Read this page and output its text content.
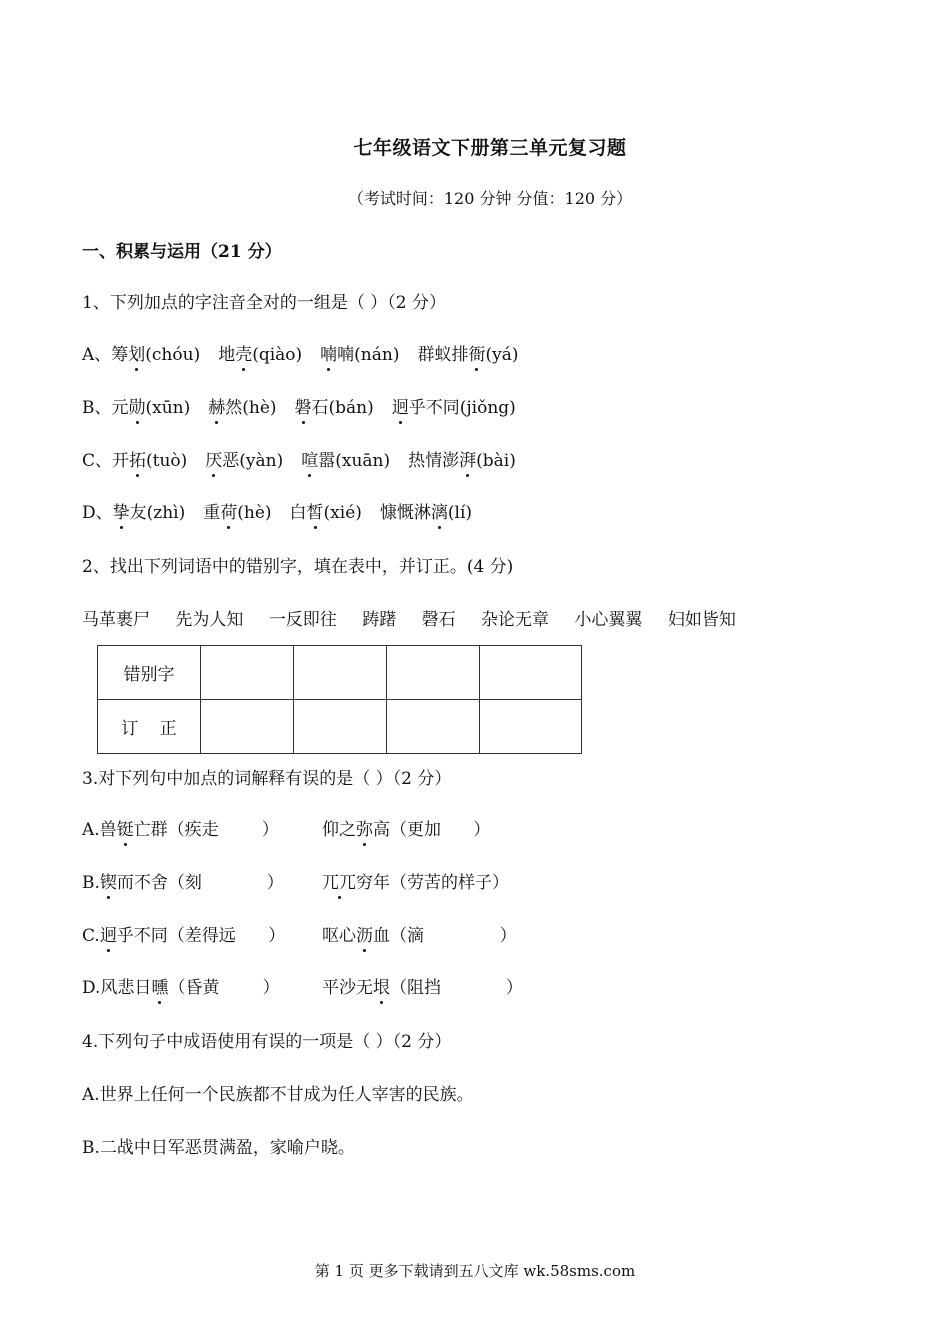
七年级语文下册第三单元复习题
（考试时间：120 分钟 分值：120 分）
一、积累与运用（21 分）
1、下列加点的字注音全对的一组是（ ）（2 分）
A、筹划(chóu) 地壳(qiào) 喃喃(nán) 群蚁排衙(yá)
B、元勋(xūn) 赫然(hè) 磐石(bán) 迥乎不同(jiǒng)
C、开拓(tuò) 厌恶(yàn) 喧嚣(xuān) 热情澎湃(bài)
D、挚友(zhì) 重荷(hè) 白皙(xié) 慷慨淋漓(lí)
2、找出下列词语中的错别字，填在表中，并订正。(4 分)
马革裹尸 先为人知 一反即往 踌躇 磬石 杂论无章 小心翼翼 妇如皆知
错别字				
订    正				
3.对下列句中加点的词解释有误的是（ ）（2 分）
A.兽铤亡群（疾走        ）	仰之弥高（更加      ）
B.锲而不舍（刻            ） 兀兀穷年（劳苦的样子）
C.迥乎不同（差得远      ） 呕心沥血（滴              ）
D.风悲日曛（昏黄        ） 平沙无垠（阻挡            ）
4.下列句子中成语使用有误的一项是（ ）（2 分）
A.世界上任何一个民族都不甘成为任人宰害的民族。
B.二战中日军恶贯满盈，家喻户晓。
第 1 页 更多下载请到五八文库 wk.58sms.com
